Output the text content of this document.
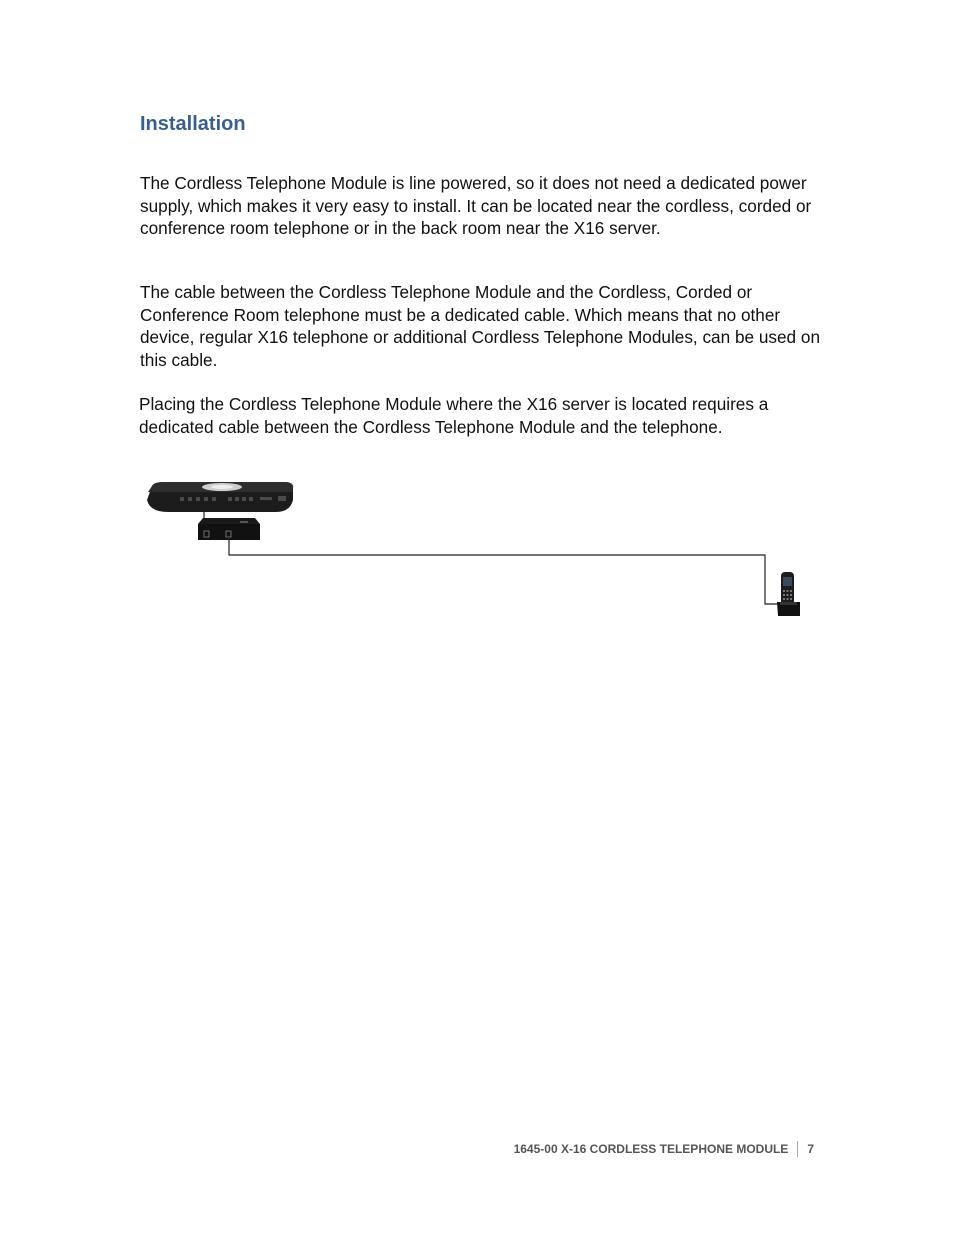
Installation

The Cordless Telephone Module is line powered, so it does not need a dedicated power supply, which makes it very easy to install. It can be located near the cordless, corded or conference room telephone or in the back room near the X16 server.

The cable between the Cordless Telephone Module and the Cordless, Corded or Conference Room telephone must be a dedicated cable. Which means that no other device, regular X16 telephone or additional Cordless Telephone Modules, can be used on this cable.

Placing the Cordless Telephone Module where the X16 server is located requires a dedicated cable between the Cordless Telephone Module and the telephone.

1645-00 X-16 CORDLESS TELEPHONE MODULE 7
